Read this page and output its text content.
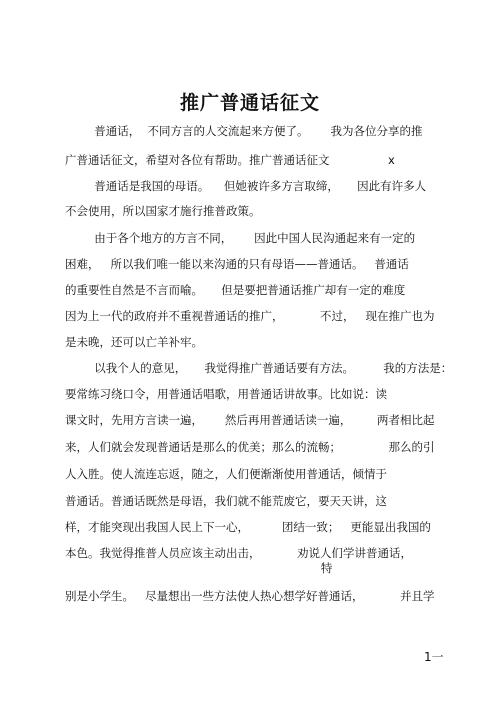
推广普通话征文
普通话，  不同方言的人交流起来方便了。      我为各位分享的推
广普通话征文，希望对各位有帮助。推广普通话征文                x
普通话是我国的母语。    但她被许多方言取缔，     因此有许多人
不会使用，所以国家才施行推普政策。
由于各个地方的方言不同，      因此中国人民沟通起来有一定的
困难，   所以我们唯一能以来沟通的只有母语——普通话。   普通话
的重要性自然是不言而喻。     但是要把普通话推广却有一定的难度
因为上一代的政府并不重视普通话的推广，          不过，   现在推广也为
是未晚，还可以亡羊补牢。
以我个人的意见，     我觉得推广普通话要有方法。        我的方法是：
要常练习绕口令，用普通话唱歌，用普通话讲故事。比如说：读
课文时，先用方言读一遍，      然后再用普通话读一遍，       两者相比起
来，人们就会发现普通话是那么的优美；那么的流畅；             那么的引
人入胜。使人流连忘返，随之，人们便渐渐使用普通话，倾情于
普通话。普通话既然是母语，我们就不能荒废它，要天天讲，这
样，才能突现出我国人民上下一心，         团结一致；   更能显出我国的
本色。我觉得推普人员应该主动出击，          劝说人们学讲普通话，
特
别是小学生。   尽量想出一些方法使人热心想学好普通话，          并且学
1一
